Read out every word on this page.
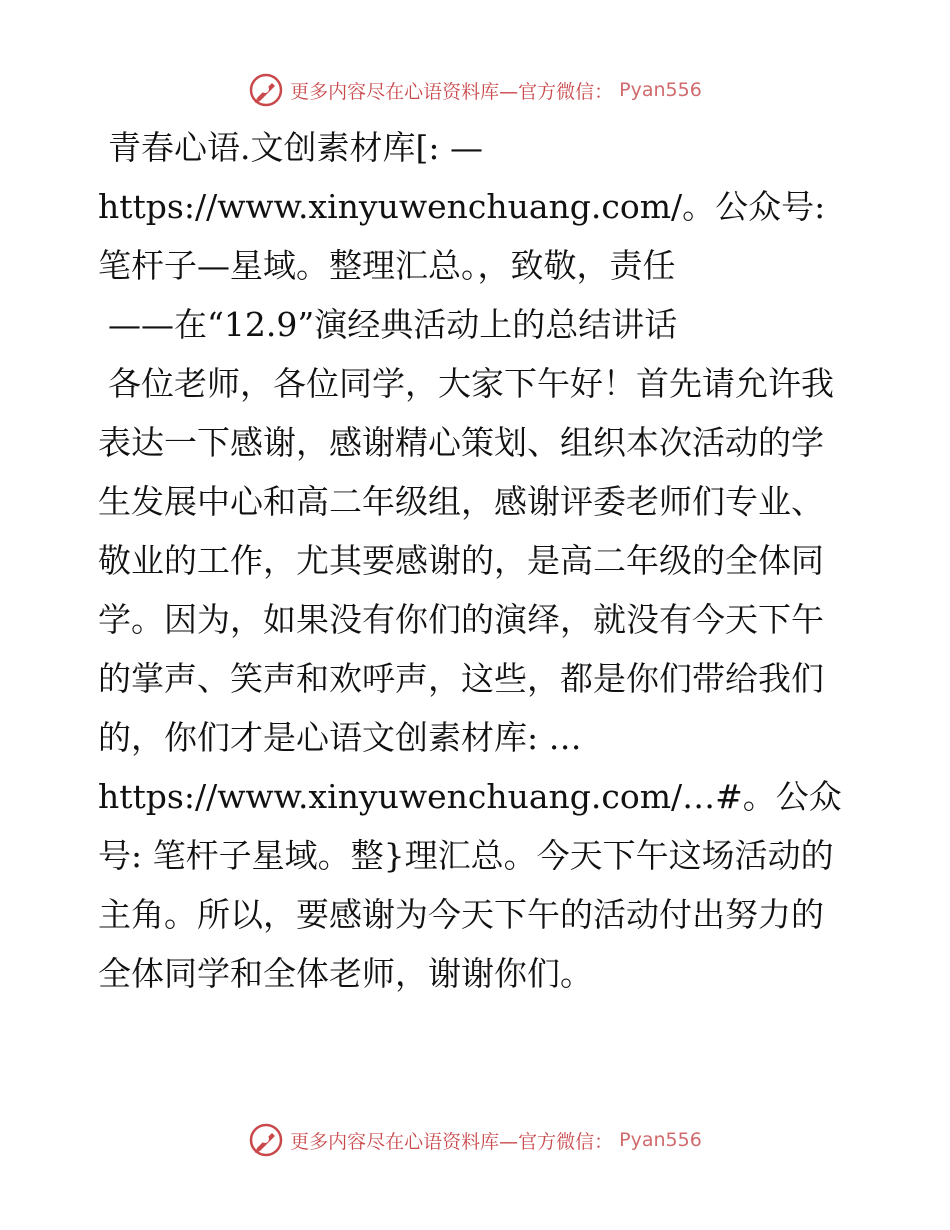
更多内容尽在心语资料库—官方微信： Pyan556

青春心语.文创素材库[: —https://www.xinyuwenchuang.com/。公众号: 笔杆子—星域。整理汇总。，致敬，责任

——在“12.9”演经典活动上的总结讲话

各位老师，各位同学，大家下午好！首先请允许我表达一下感谢，感谢精心策划、组织本次活动的学生发展中心和高二年级组，感谢评委老师们专业、敬业的工作，尤其要感谢的，是高二年级的全体同学。因为，如果没有你们的演绎，就没有今天下午的掌声、笑声和欢呼声，这些，都是你们带给我们的，你们才是心语文创素材库: …https://www.xinyuwenchuang.com/…#。公众号: 笔杆子星域。整}理汇总。今天下午这场活动的主角。所以，要感谢为今天下午的活动付出努力的全体同学和全体老师，谢谢你们。

更多内容尽在心语资料库—官方微信： Pyan556
